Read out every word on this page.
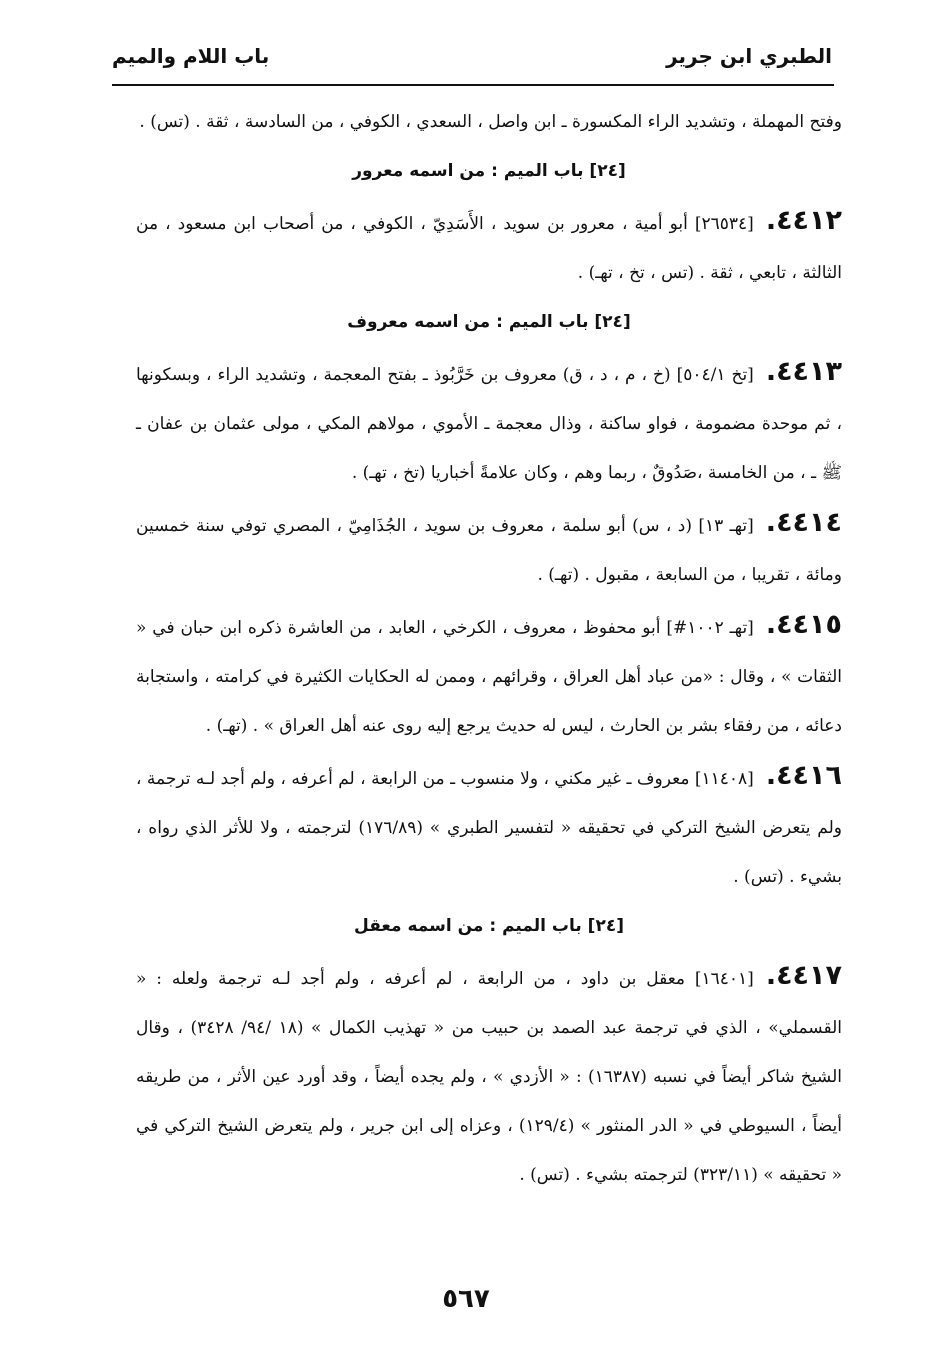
الطبري ابن جرير
باب اللام والميم

وفتح المهملة ، وتشديد الراء المكسورة ـ ابن واصل ، السعدي ، الكوفي ، من السادسة ، ثقة . (تس) .

[٢٤] باب الميم : من اسمه معرور

٤٤١٢.[٢٦٥٣٤] أبو أمية ، معرور بن سويد ، الأَسَدِيّ ، الكوفي ، من أصحاب ابن مسعود ، من الثالثة ، تابعي ، ثقة . (تس ، تخ ، تهـ) .

[٢٤] باب الميم : من اسمه معروف

٤٤١٣.[تخ ٥٠٤/١] (خ ، م ، د ، ق) معروف بن خَرَّبُوذ ـ بفتح المعجمة ، وتشديد الراء ، وبسكونها ، ثم موحدة مضمومة ، فواو ساكنة ، وذال معجمة ـ الأموي ، مولاهم المكي ، مولى عثمان بن عفان ـ ﷺ ـ ، من الخامسة ،صَدُوقٌ ، ربما وهم ، وكان علامةً أخباريا (تخ ، تهـ) .

٤٤١٤.[تهـ ١٣] (د ، س) أبو سلمة ، معروف بن سويد ، الجُذَامِيّ ، المصري توفي سنة خمسين ومائة ، تقريبا ، من السابعة ، مقبول . (تهـ) .

٤٤١٥.[تهـ ١٠٠٢#] أبو محفوظ ، معروف ، الكرخي ، العابد ، من العاشرة ذكره ابن حبان في « الثقات » ، وقال : «من عباد أهل العراق ، وقرائهم ، وممن له الحكايات الكثيرة في كرامته ، واستجابة دعائه ، من رفقاء بشر بن الحارث ، ليس له حديث يرجع إليه روى عنه أهل العراق » . (تهـ) .

٤٤١٦.[١١٤٠٨] معروف ـ غير مكني ، ولا منسوب ـ من الرابعة ، لم أعرفه ، ولم أجد لـه ترجمة ، ولم يتعرض الشيخ التركي في تحقيقه « لتفسير الطبري » (١٧٦/٨٩) لترجمته ، ولا للأثر الذي رواه ، بشيء . (تس) .

[٢٤] باب الميم : من اسمه معقل

٤٤١٧.[١٦٤٠١] معقل بن داود ، من الرابعة ، لم أعرفه ، ولم أجد لـه ترجمة ولعله : « القسملي» ، الذي في ترجمة عبد الصمد بن حبيب من « تهذيب الكمال » (١٨ /٩٤/ ٣٤٢٨) ، وقال الشيخ شاكر أيضاً في نسبه (١٦٣٨٧) : « الأزدي » ، ولم يجده أيضاً ، وقد أورد عين الأثر ، من طريقه أيضاً ، السيوطي في « الدر المنثور » (١٢٩/٤) ، وعزاه إلى ابن جرير ، ولم يتعرض الشيخ التركي في « تحقيقه » (٣٢٣/١١) لترجمته بشيء . (تس) .

٥٦٧
